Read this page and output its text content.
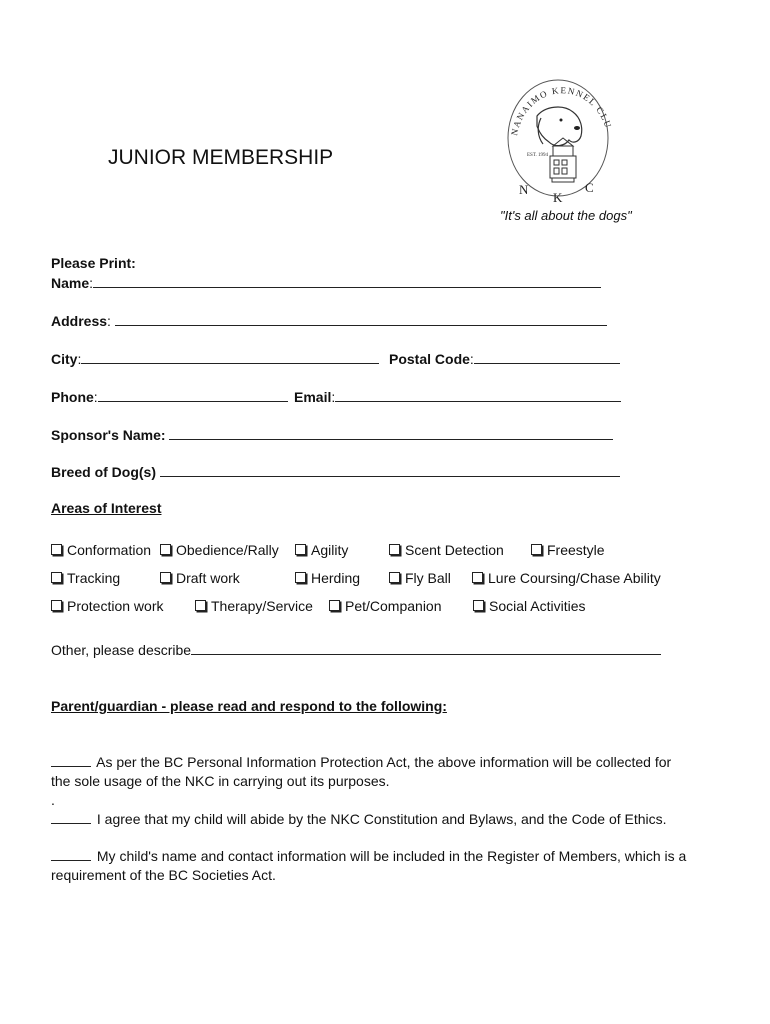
JUNIOR MEMBERSHIP
NANAIMO KENNEL CLU
EST. 1994
N
K
C
"It's all about the dogs"
Please Print:
Name:
Address:
City:	Postal Code:
Phone:	Email:
Sponsor's Name:
Breed of Dog(s)
Areas of Interest
Conformation	Obedience/Rally	Agility	Scent Detection	Freestyle
Tracking	Draft work	Herding	Fly Ball	Lure Coursing/Chase Ability
Protection work	Therapy/Service	Pet/Companion	Social Activities
Other, please describe
Parent/guardian - please read and respond to the following:
As per the BC Personal Information Protection Act, the above information will be collected for the sole usage of the NKC in carrying out its purposes.
.
I agree that my child will abide by the NKC Constitution and Bylaws, and the Code of Ethics.
My child's name and contact information will be included in the Register of Members, which is a requirement of the BC Societies Act.
